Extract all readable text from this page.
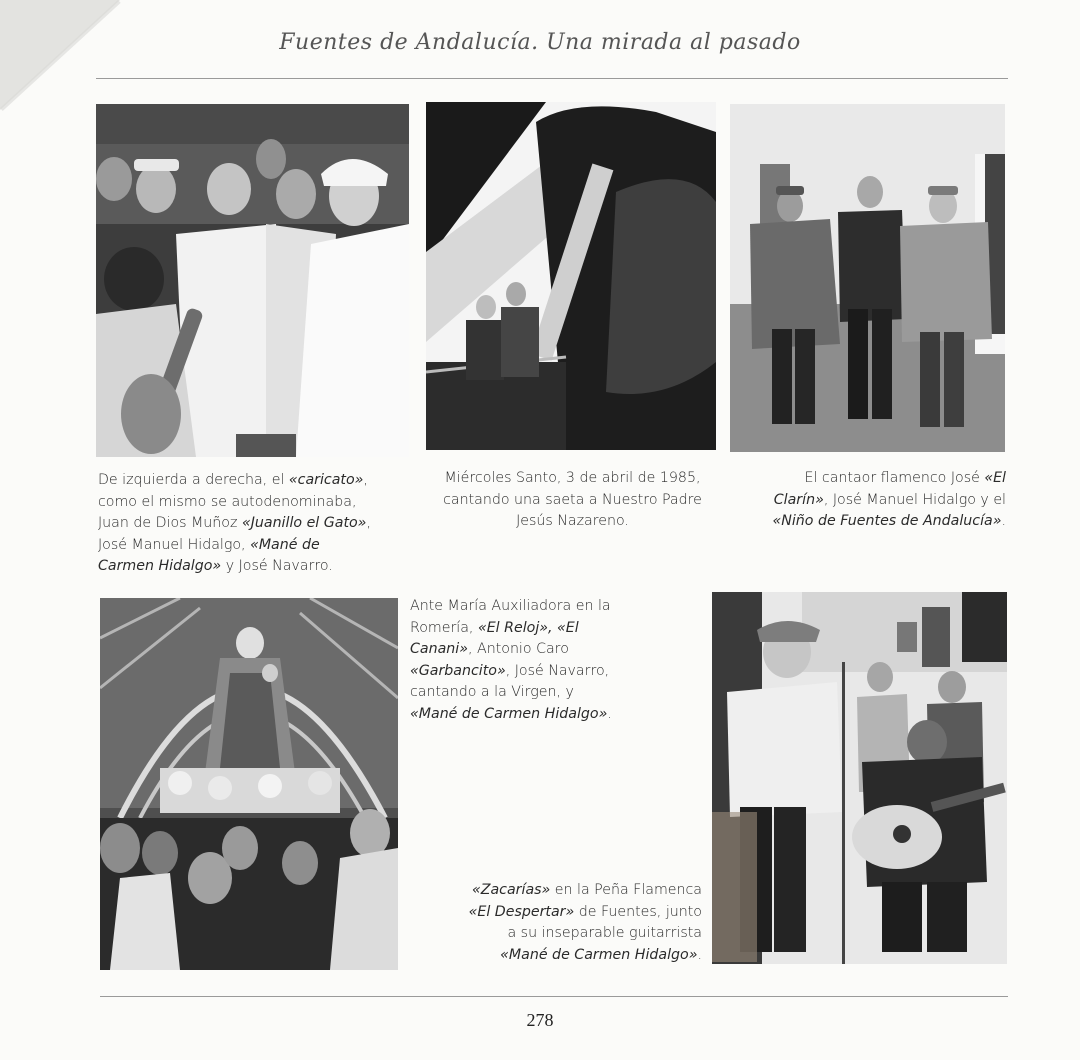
Fuentes de Andalucía. Una mirada al pasado
De izquierda a derecha, el «caricato»,
como el mismo se autodenominaba,
Juan de Dios Muñoz «Juanillo el Gato»,
José Manuel Hidalgo, «Mané de
Carmen Hidalgo» y José Navarro.
Miércoles Santo, 3 de abril de 1985,
cantando una saeta a Nuestro Padre
Jesús Nazareno.
El cantaor flamenco José «El
Clarín», José Manuel Hidalgo y el
«Niño de Fuentes de Andalucía».
Ante María Auxiliadora en la
Romería, «El Reloj», «El
Canani», Antonio Caro
«Garbancito», José Navarro,
cantando a la Virgen, y
«Mané de Carmen Hidalgo».
«Zacarías» en la Peña Flamenca
«El Despertar» de Fuentes, junto
a su inseparable guitarrista
«Mané de Carmen Hidalgo».
278
